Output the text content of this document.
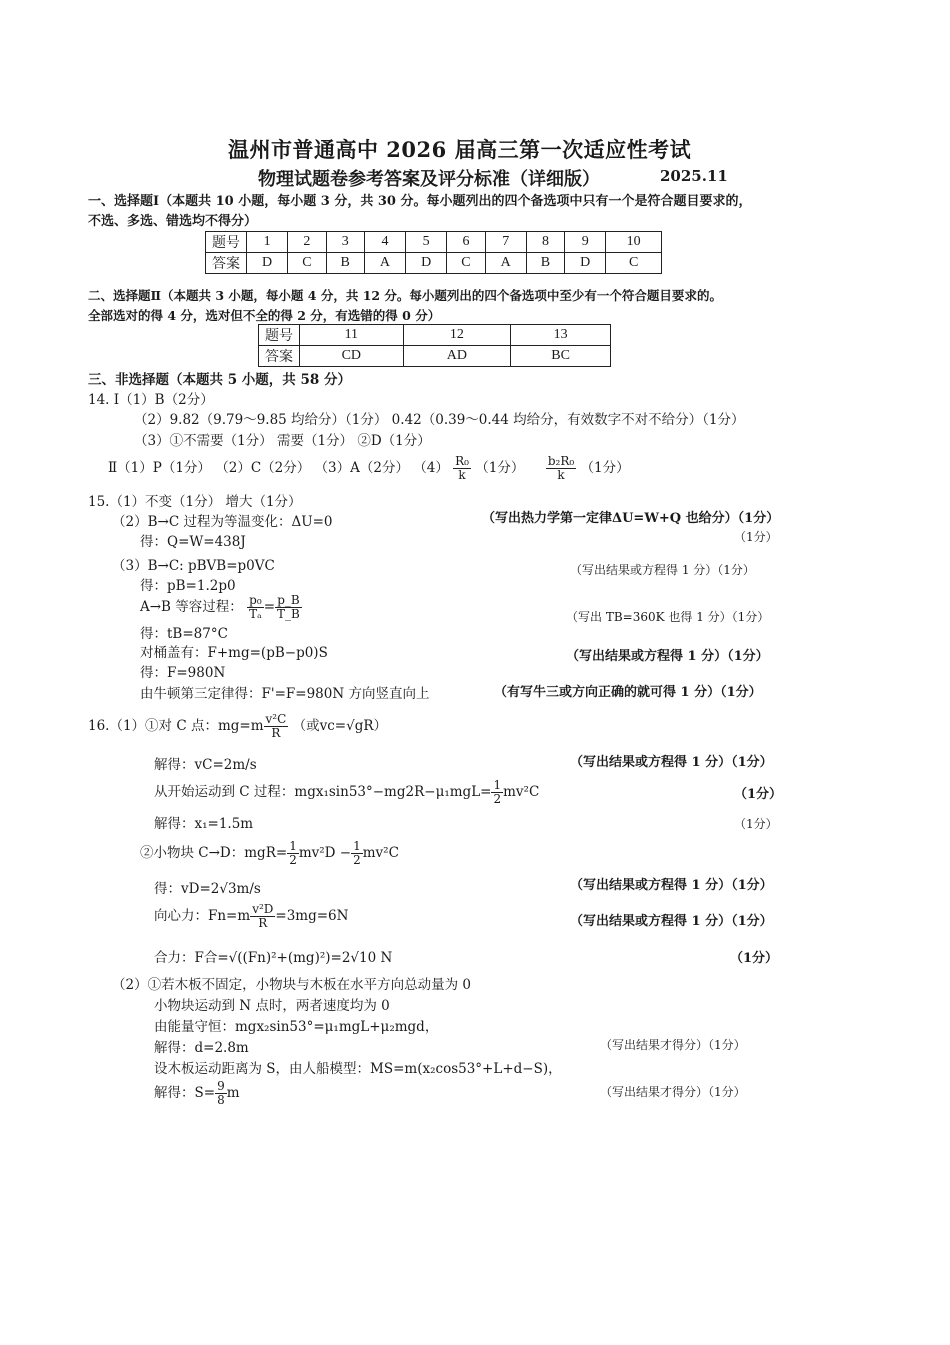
温州市普通高中 2026 届高三第一次适应性考试
物理试题卷参考答案及评分标准（详细版）	2025.11
一、选择题Ⅰ（本题共 10 小题，每小题 3 分，共 30 分。每小题列出的四个备选项中只有一个是符合题目要求的，
不选、多选、错选均不得分）
题号	1	2	3	4	5	6	7	8	9	10
答案	D	C	B	A	D	C	A	B	D	C
二、选择题Ⅱ（本题共 3 小题，每小题 4 分，共 12 分。每小题列出的四个备选项中至少有一个符合题目要求的。
全部选对的得 4 分，选对但不全的得 2 分，有选错的得 0 分）
题号	11	12	13
答案	CD	AD	BC
三、非选择题（本题共 5 小题，共 58 分）
14. Ⅰ（1）B（2分）
（2）9.82（9.79～9.85 均给分）（1分） 0.42（0.39～0.44 均给分，有效数字不对不给分）（1分）
（3）①不需要（1分） 需要（1分） ②D（1分）
Ⅱ（1）P（1分） （2）C（2分） （3）A（2分） $(4) \frac{\text{R₀}}{k} (1$分） $\frac{\text{b₂R₀}}{k} (1$分）
15.（1）不变（1分） 增大（1分）
（2）B→C 过程为等温变化：ΔU=0	（写出热力学第一定律ΔU=W+Q 也给分）（1分）
得：Q=W=438J	（1分）
（3）B→C: pBVB=p0VC	（写出结果或方程得 1 分）（1分）
得：pB=1.2p0
A→B 等容过程： $\frac{\text{p₀}}{\text{Tₐ}} = \frac{p\_B}{T\_B}$	（写出 TB=360K 也得 1 分）（1分）
得：tB=87°C
对桶盖有：F+mg=(pB−p0)S	（写出结果或方程得 1 分）（1分）
得：F=980N
由牛顿第三定律得：F'=F=980N 方向竖直向上	（有写牛三或方向正确的就可得 1 分）（1分）
16.（1）①对 C 点：$mg=m \frac{\text{v²C}}{R}$ （或vc=√gR）
解得：vC=2m/s	（写出结果或方程得 1 分）（1分）
从开始运动到 C 过程：$mgx_1\sin 53^\circ-mg2R-\mu_1mgL= \frac{1}{2} mv^2C$	（1分）
解得：x₁=1.5m	（1分）
②小物块 C→D：$mgR= \frac{1}{2} mv^2D - \frac{1}{2} mv^2C$
得：vD=2√3m/s	（写出结果或方程得 1 分）（1分）
向心力：$Fn=m \frac{\text{v²D}}{R} =3mg=6N$	（写出结果或方程得 1 分）（1分）
合力：F合=√((Fn)²+(mg)²)=2√10 N	（1分）
（2）①若木板不固定，小物块与木板在水平方向总动量为 0
小物块运动到 N 点时，两者速度均为 0
由能量守恒：mgx₂sin53°=μ₁mgL+μ₂mgd，
解得：d=2.8m	（写出结果才得分）（1分）
设木板运动距离为 S，由人船模型：MS=m(x₂cos53°+L+d−S)，
解得：$S= \frac{9}{8}$ m	（写出结果才得分）（1分）
